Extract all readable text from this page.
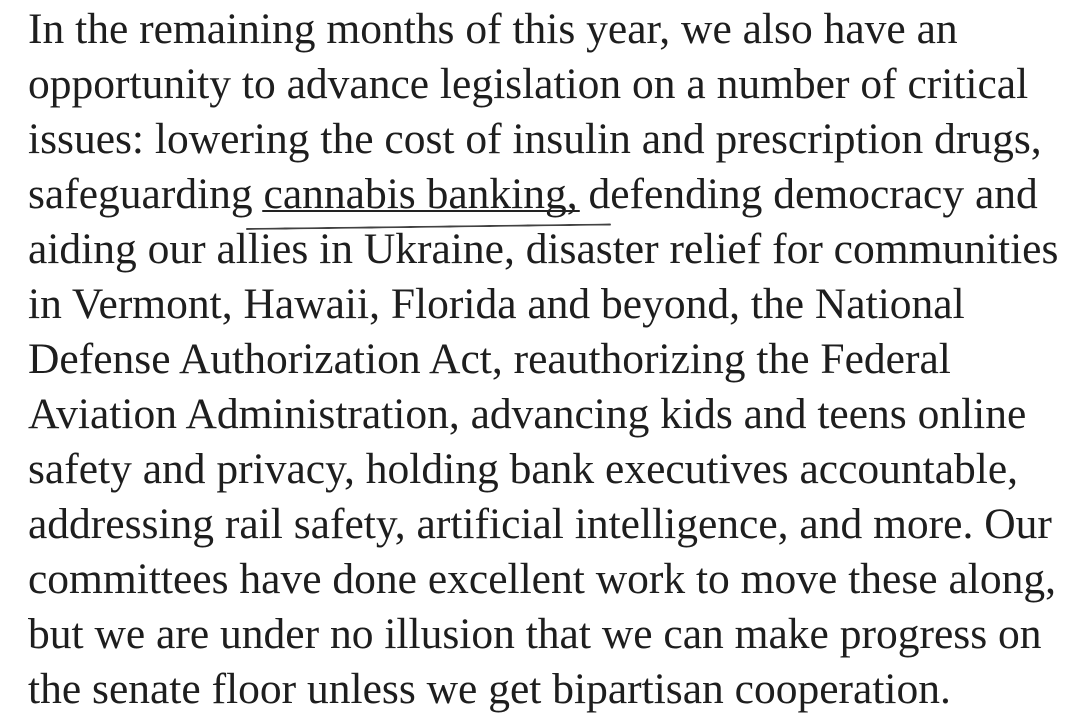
In the remaining months of this year, we also have an
opportunity to advance legislation on a number of critical
issues: lowering the cost of insulin and prescription drugs,
safeguarding cannabis banking, defending democracy and
aiding our allies in Ukraine, disaster relief for communities
in Vermont, Hawaii, Florida and beyond, the National
Defense Authorization Act, reauthorizing the Federal
Aviation Administration, advancing kids and teens online
safety and privacy, holding bank executives accountable,
addressing rail safety, artificial intelligence, and more. Our
committees have done excellent work to move these along,
but we are under no illusion that we can make progress on
the senate floor unless we get bipartisan cooperation.
